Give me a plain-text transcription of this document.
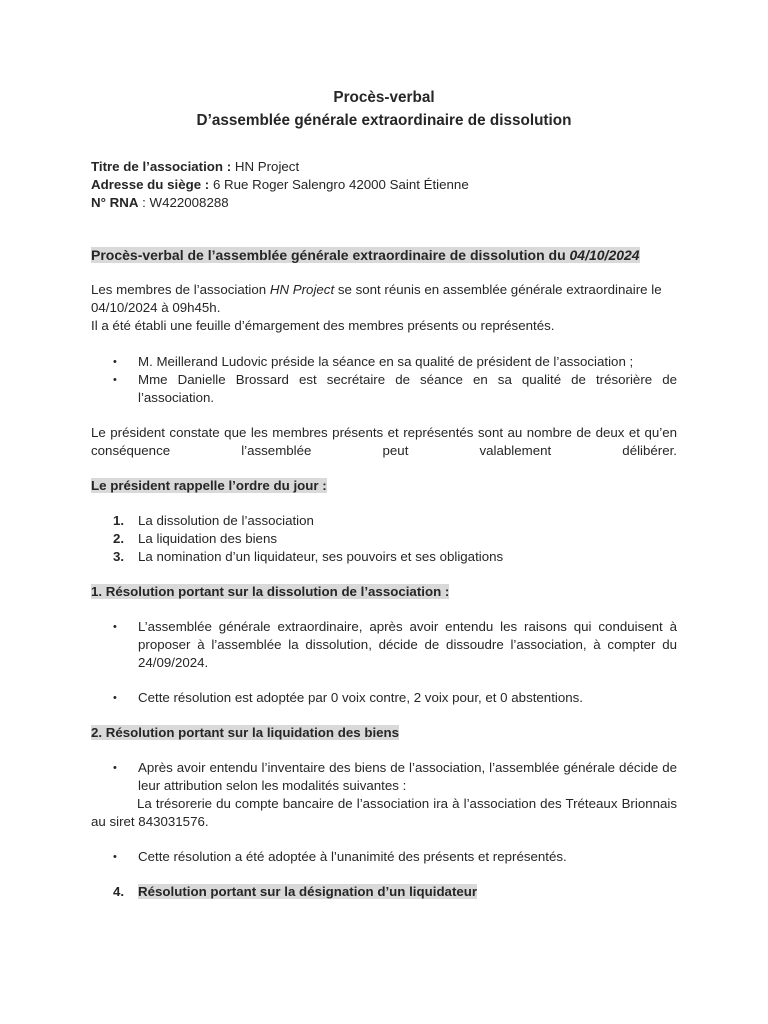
Procès-verbal

D’assemblée générale extraordinaire de dissolution

Titre de l’association : HN Project

Adresse du siège : 6 Rue Roger Salengro 42000 Saint Étienne

N° RNA : W422008288

Procès-verbal de l’assemblée générale extraordinaire de dissolution du 04/10/2024

Les membres de l’association HN Project se sont réunis en assemblée générale extraordinaire le 04/10/2024 à 09h45h.

Il a été établi une feuille d’émargement des membres présents ou représentés.

• M. Meillerand Ludovic préside la séance en sa qualité de président de l’association ;
• Mme Danielle Brossard est secrétaire de séance en sa qualité de trésorière de l’association.

Le président constate que les membres présents et représentés sont au nombre de deux et qu’en conséquence l’assemblée peut valablement délibérer.

Le président rappelle l’ordre du jour :

1. La dissolution de l’association
2. La liquidation des biens
3. La nomination d’un liquidateur, ses pouvoirs et ses obligations

1. Résolution portant sur la dissolution de l’association :

• L’assemblée générale extraordinaire, après avoir entendu les raisons qui conduisent à proposer à l’assemblée la dissolution, décide de dissoudre l’association, à compter du 24/09/2024.
• Cette résolution est adoptée par 0 voix contre, 2 voix pour, et 0 abstentions.

2. Résolution portant sur la liquidation des biens

• Après avoir entendu l’inventaire des biens de l’association, l’assemblée générale décide de leur attribution selon les modalités suivantes :

La trésorerie du compte bancaire de l’association ira à l’association des Tréteaux Brionnais au siret 843031576.

• Cette résolution a été adoptée à l’unanimité des présents et représentés.
4. Résolution portant sur la désignation d’un liquidateur
